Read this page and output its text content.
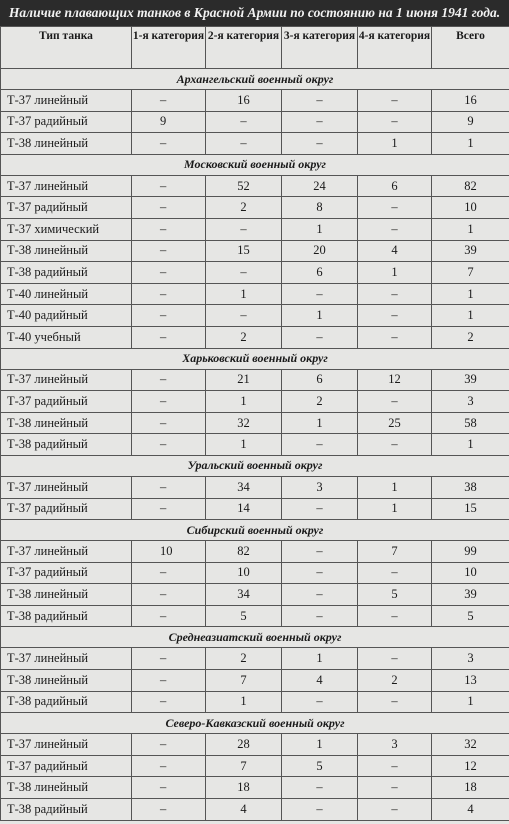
Наличие плавающих танков в Красной Армии по состоянию на 1 июня 1941 года.
Тип танка	1-я категория	2-я категория	3-я категория	4-я категория	Всего
Архангельский военный округ					
Т-37 линейный	–	16	–	–	16
Т-37 радийный	9	–	–	–	9
Т-38 линейный	–	–	–	1	1
Московский военный округ					
Т-37 линейный	–	52	24	6	82
Т-37 радийный	–	2	8	–	10
Т-37 химический	–	–	1	–	1
Т-38 линейный	–	15	20	4	39
Т-38 радийный	–	–	6	1	7
Т-40 линейный	–	1	–	–	1
Т-40 радийный	–	–	1	–	1
Т-40 учебный	–	2	–	–	2
Харьковский военный округ					
Т-37 линейный	–	21	6	12	39
Т-37 радийный	–	1	2	–	3
Т-38 линейный	–	32	1	25	58
Т-38 радийный	–	1	–	–	1
Уральский военный округ					
Т-37 линейный	–	34	3	1	38
Т-37 радийный	–	14	–	1	15
Сибирский военный округ					
Т-37 линейный	10	82	–	7	99
Т-37 радийный	–	10	–	–	10
Т-38 линейный	–	34	–	5	39
Т-38 радийный	–	5	–	–	5
Среднеазиатский военный округ					
Т-37 линейный	–	2	1	–	3
Т-38 линейный	–	7	4	2	13
Т-38 радийный	–	1	–	–	1
Северо-Кавказский военный округ					
Т-37 линейный	–	28	1	3	32
Т-37 радийный	–	7	5	–	12
Т-38 линейный	–	18	–	–	18
Т-38 радийный	–	4	–	–	4
